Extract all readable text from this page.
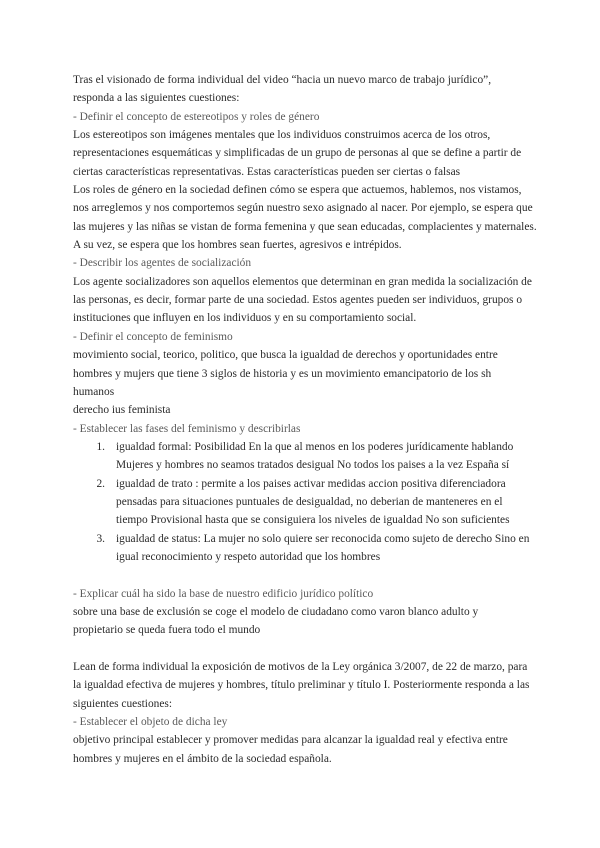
Tras el visionado de forma individual del video “hacia un nuevo marco de trabajo jurídico”,
responda a las siguientes cuestiones:
- Definir el concepto de estereotipos y roles de género
Los estereotipos son imágenes mentales que los individuos construimos acerca de los otros,
representaciones esquemáticas y simplificadas de un grupo de personas al que se define a partir de
ciertas características representativas. Estas características pueden ser ciertas o falsas
Los roles de género en la sociedad definen cómo se espera que actuemos, hablemos, nos vistamos,
nos arreglemos y nos comportemos según nuestro sexo asignado al nacer. Por ejemplo, se espera que
las mujeres y las niñas se vistan de forma femenina y que sean educadas, complacientes y maternales.
A su vez, se espera que los hombres sean fuertes, agresivos e intrépidos.
- Describir los agentes de socialización
Los agente socializadores son aquellos elementos que determinan en gran medida la socialización de
las personas, es decir, formar parte de una sociedad. Estos agentes pueden ser individuos, grupos o
instituciones que influyen en los individuos y en su comportamiento social.
- Definir el concepto de feminismo
movimiento social, teorico, politico, que busca la igualdad de derechos y oportunidades entre
hombres y mujers que tiene 3 siglos de historia y es un movimiento emancipatorio de los sh
humanos
derecho ius feminista
- Establecer las fases del feminismo y describirlas
1. igualdad formal: Posibilidad En la que al menos en los poderes jurídicamente hablando
Mujeres y hombres no seamos tratados desigual No todos los paises a la vez España sí
2. igualdad de trato : permite a los paises activar medidas accion positiva diferenciadora
pensadas para situaciones puntuales de desigualdad, no deberian de manteneres en el
tiempo Provisional hasta que se consiguiera los niveles de igualdad No son suficientes
3. igualdad de status: La mujer no solo quiere ser reconocida como sujeto de derecho Sino en
igual reconocimiento y respeto autoridad que los hombres
- Explicar cuál ha sido la base de nuestro edificio jurídico político
sobre una base de exclusión se coge el modelo de ciudadano como varon blanco adulto y
propietario se queda fuera todo el mundo
Lean de forma individual la exposición de motivos de la Ley orgánica 3/2007, de 22 de marzo, para
la igualdad efectiva de mujeres y hombres, título preliminar y título I. Posteriormente responda a las
siguientes cuestiones:
- Establecer el objeto de dicha ley
objetivo principal establecer y promover medidas para alcanzar la igualdad real y efectiva entre
hombres y mujeres en el ámbito de la sociedad española.
